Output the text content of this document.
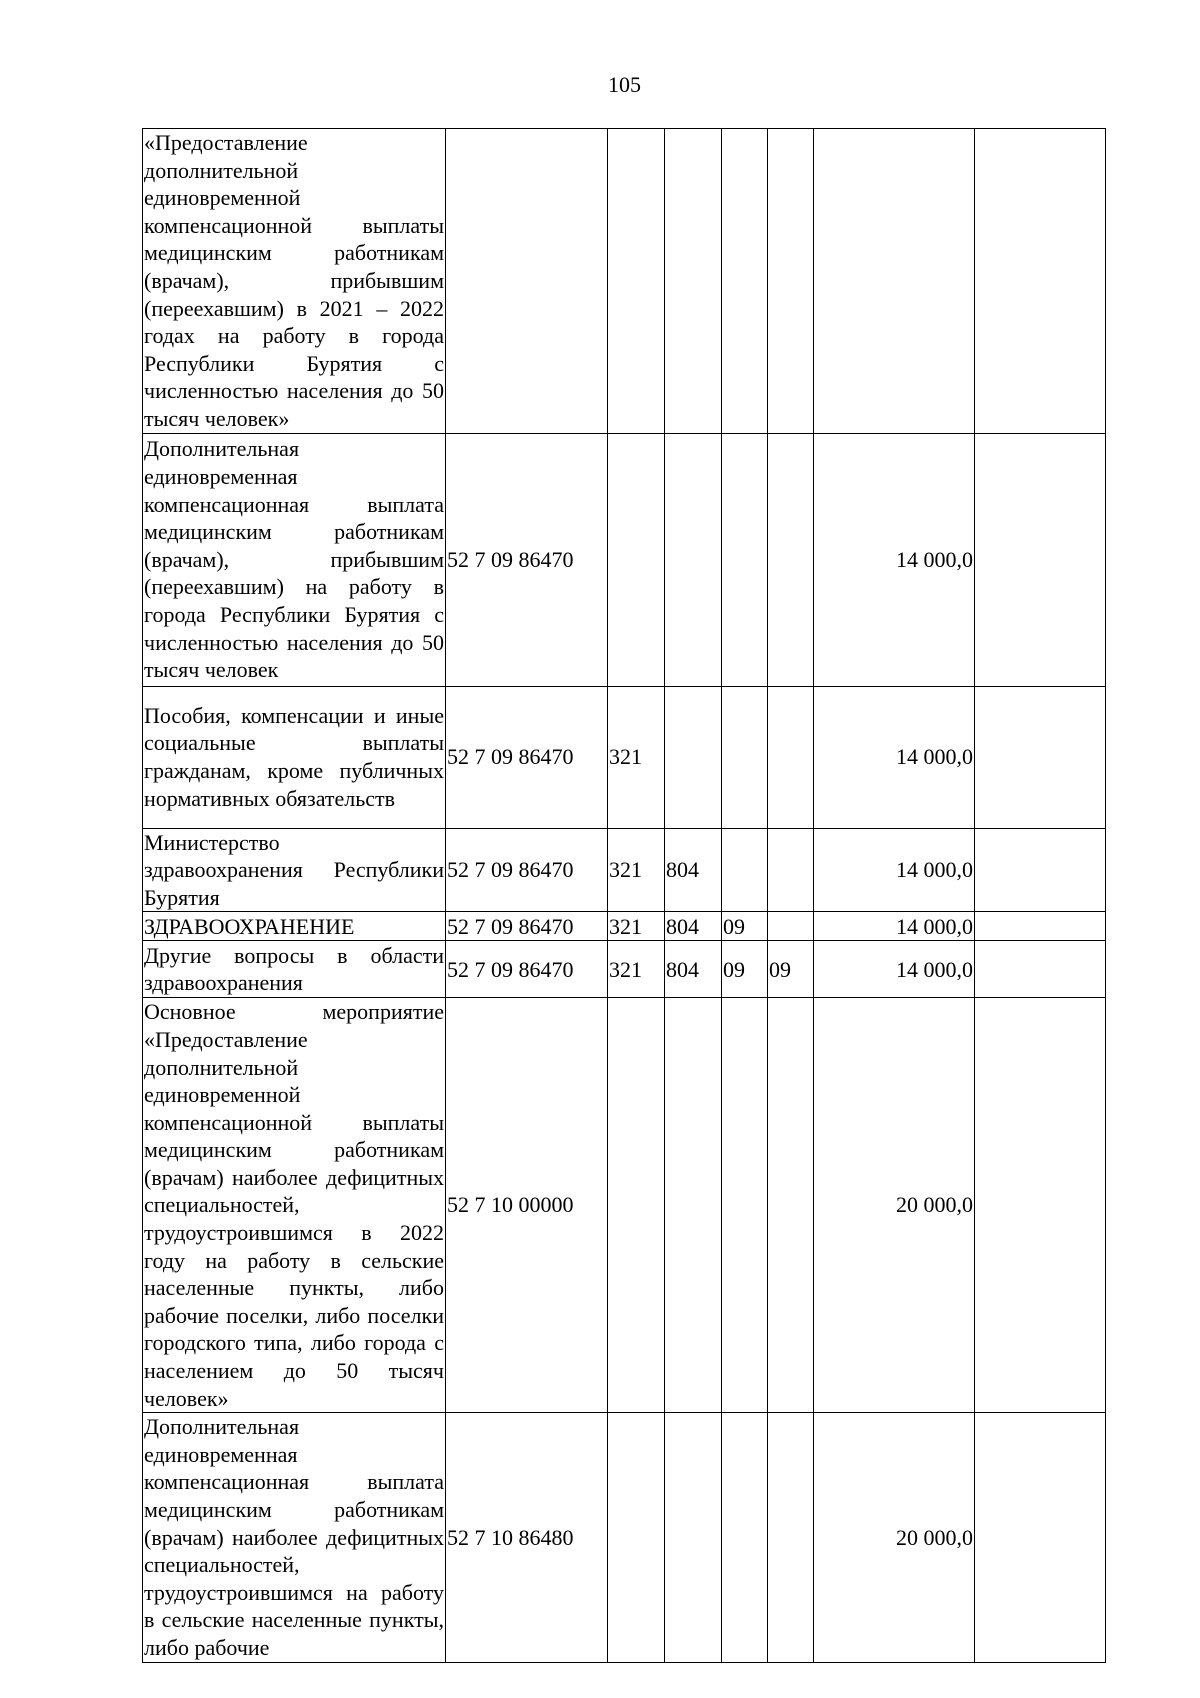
105
«Предоставление дополнительной единовременной компенсационной выплаты медицинским работникам (врачам), прибывшим (переехавшим) в 2021 – 2022 годах на работу в города Республики Бурятия с численностью населения до 50 тысяч человек»							
Дополнительная единовременная компенсационная выплата медицинским работникам (врачам), прибывшим (переехавшим) на работу в города Республики Бурятия с численностью населения до 50 тысяч человек	52 7 09 86470					14 000,0	
Пособия, компенсации и иные социальные выплаты гражданам, кроме публичных нормативных обязательств	52 7 09 86470	321				14 000,0	
Министерство здравоохранения Республики Бурятия	52 7 09 86470	321	804			14 000,0	
ЗДРАВООХРАНЕНИЕ	52 7 09 86470	321	804	09		14 000,0	
Другие вопросы в области здравоохранения	52 7 09 86470	321	804	09	09	14 000,0	
Основное мероприятие «Предоставление дополнительной единовременной компенсационной выплаты медицинским работникам (врачам) наиболее дефицитных специальностей, трудоустроившимся в 2022 году на работу в сельские населенные пункты, либо рабочие поселки, либо поселки городского типа, либо города с населением до 50 тысяч человек»	52 7 10 00000					20 000,0	
Дополнительная единовременная компенсационная выплата медицинским работникам (врачам) наиболее дефицитных специальностей, трудоустроившимся на работу в сельские населенные пункты, либо рабочие	52 7 10 86480					20 000,0	
